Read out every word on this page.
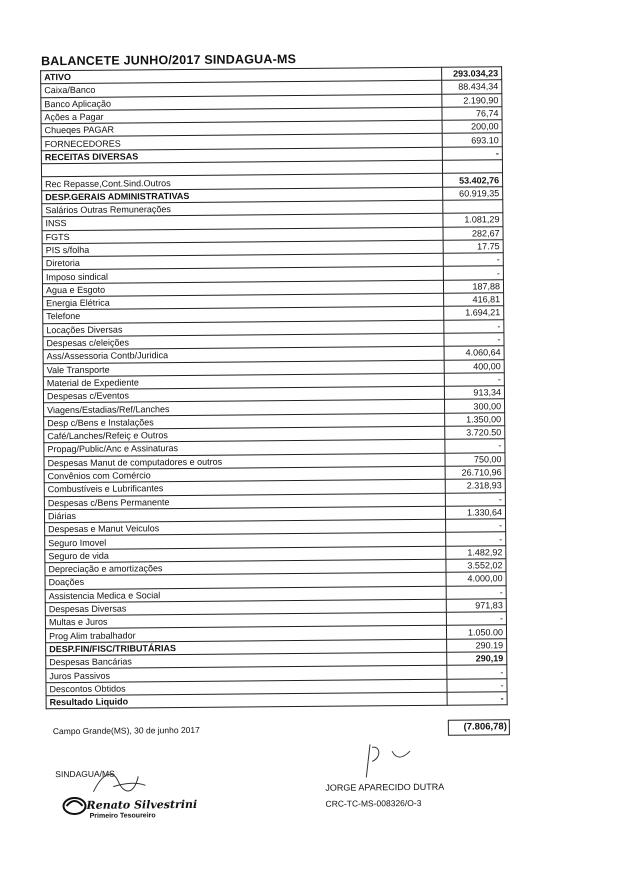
BALANCETE JUNHO/2017 SINDAGUA-MS
ATIVO	293.034,23
Caixa/Banco	88.434,34
Banco Aplicação	2.190,90
Ações a Pagar	76,74
Chueqes PAGAR	200,00
FORNECEDORES	693.10
RECEITAS DIVERSAS	-

Rec Repasse,Cont.Sind.Outros	53.402,76
DESP.GERAIS ADMINISTRATIVAS	60.919,35
Salários Outras Remunerações	
INSS	1.081,29
FGTS	282,67
PIS s/folha	17.75
Diretoria	-
Imposo sindical	-
Agua e Esgoto	187,88
Energia Elétrica	416,81
Telefone	1.694,21
Locações Diversas	-
Despesas c/eleições	-
Ass/Assessoria Contb/Juridica	4.060,64
Vale Transporte	400,00
Material de Expediente	-
Despesas c/Eventos	913,34
Viagens/Estadias/Ref/Lanches	300,00
Desp c/Bens e Instalações	1.350,00
Café/Lanches/Refeiç e Outros	3.720.50
Propag/Public/Anc e Assinaturas	-
Despesas Manut de computadores e outros	750,00
Convênios com Comércio	26.710,96
Combustíveis e Lubrificantes	2.318,93
Despesas c/Bens Permanente	-
Diárias	1.330,64
Despesas e Manut Veiculos	-
Seguro Imovel	-
Seguro de vida	1.482,92
Depreciação e amortizações	3.552,02
Doações	4.000,00
Assistencia Medica e Social	-
Despesas Diversas	971,83
Multas e Juros	-
Prog Alim trabalhador	1.050.00
DESP.FIN/FISC/TRIBUTÁRIAS	290.19
Despesas Bancárias	290,19
Juros Passivos	-
Descontos Obtidos	-
Resultado Liquido	-
Campo Grande(MS), 30 de junho 2017	(7.806,78)
SINDAGUA/MS
Renato Silvestrini
Primeiro Tesoureiro
JORGE APARECIDO DUTRA
CRC-TC-MS-008326/O-3
